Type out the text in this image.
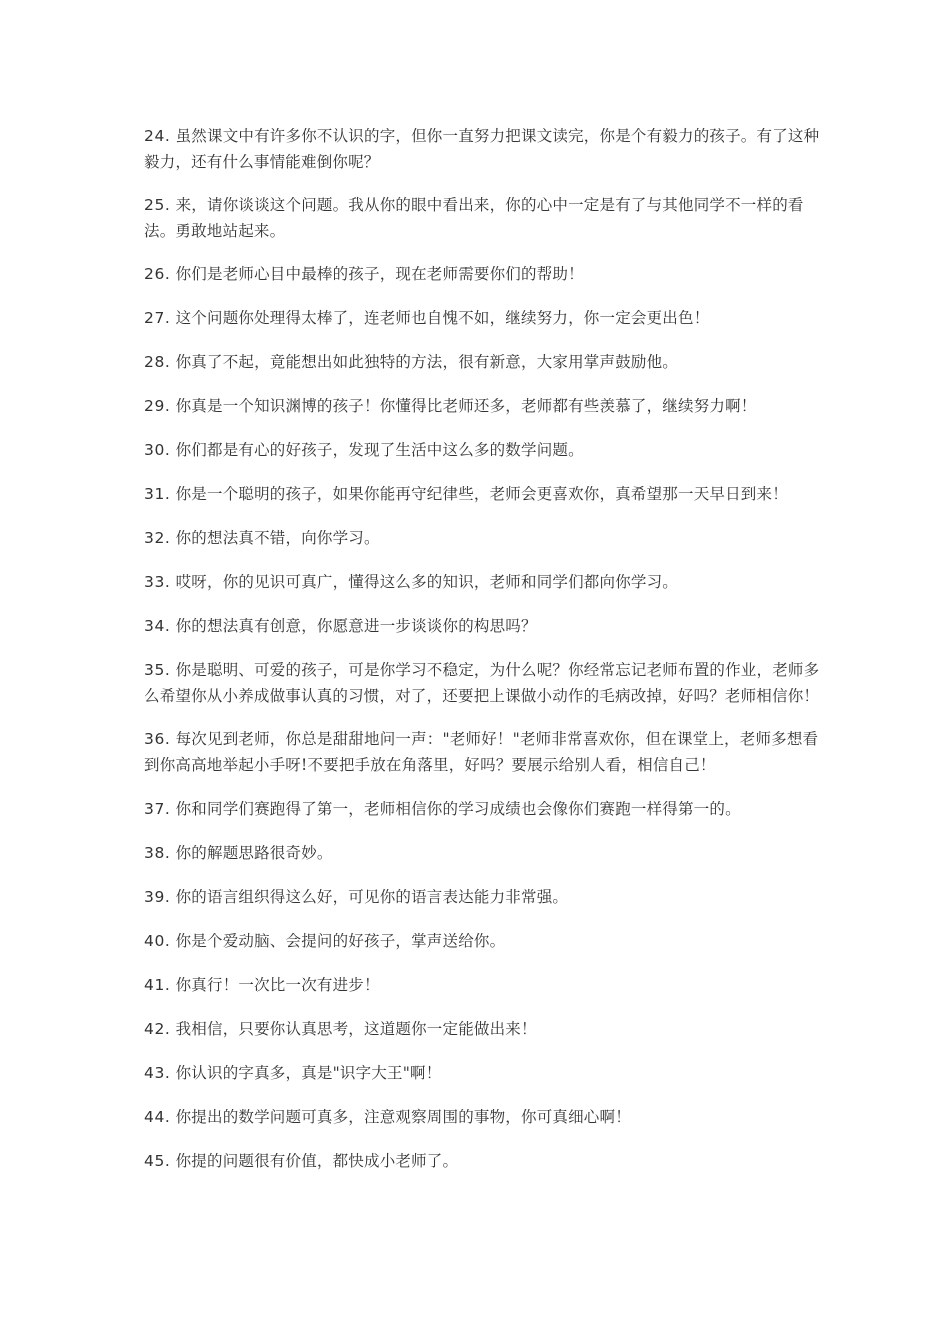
24. 虽然课文中有许多你不认识的字，但你一直努力把课文读完，你是个有毅力的孩子。有了这种毅力，还有什么事情能难倒你呢？

25. 来，请你谈谈这个问题。我从你的眼中看出来，你的心中一定是有了与其他同学不一样的看法。勇敢地站起来。

26. 你们是老师心目中最棒的孩子，现在老师需要你们的帮助！

27. 这个问题你处理得太棒了，连老师也自愧不如，继续努力，你一定会更出色！

28. 你真了不起，竟能想出如此独特的方法，很有新意，大家用掌声鼓励他。

29. 你真是一个知识渊博的孩子！你懂得比老师还多，老师都有些羡慕了，继续努力啊！

30. 你们都是有心的好孩子，发现了生活中这么多的数学问题。

31. 你是一个聪明的孩子，如果你能再守纪律些，老师会更喜欢你，真希望那一天早日到来！

32. 你的想法真不错，向你学习。

33. 哎呀，你的见识可真广，懂得这么多的知识，老师和同学们都向你学习。

34. 你的想法真有创意，你愿意进一步谈谈你的构思吗？

35. 你是聪明、可爱的孩子，可是你学习不稳定，为什么呢？你经常忘记老师布置的作业，老师多么希望你从小养成做事认真的习惯，对了，还要把上课做小动作的毛病改掉，好吗？老师相信你！

36. 每次见到老师，你总是甜甜地问一声："老师好！"老师非常喜欢你，但在课堂上，老师多想看到你高高地举起小手呀!不要把手放在角落里，好吗？要展示给别人看，相信自己！

37. 你和同学们赛跑得了第一，老师相信你的学习成绩也会像你们赛跑一样得第一的。

38. 你的解题思路很奇妙。

39. 你的语言组织得这么好，可见你的语言表达能力非常强。

40. 你是个爱动脑、会提问的好孩子，掌声送给你。

41. 你真行！一次比一次有进步！

42. 我相信，只要你认真思考，这道题你一定能做出来！

43. 你认识的字真多，真是"识字大王"啊！

44. 你提出的数学问题可真多，注意观察周围的事物，你可真细心啊！

45. 你提的问题很有价值，都快成小老师了。
